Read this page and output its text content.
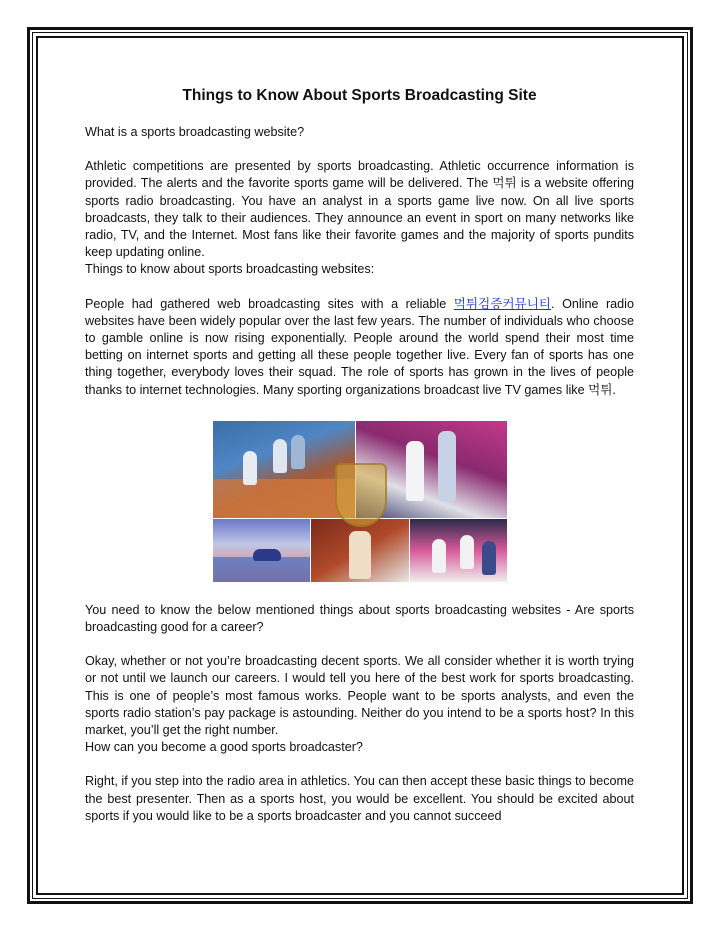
Things to Know About Sports Broadcasting Site

What is a sports broadcasting website?

Athletic competitions are presented by sports broadcasting. Athletic occurrence information is provided. The alerts and the favorite sports game will be delivered. The 먹튀 is a website offering sports radio broadcasting. You have an analyst in a sports game live now. On all live sports broadcasts, they talk to their audiences. They announce an event in sport on many networks like radio, TV, and the Internet. Most fans like their favorite games and the majority of sports pundits keep updating online.

Things to know about sports broadcasting websites:

People had gathered web broadcasting sites with a reliable 먹튀검증커뮤니티. Online radio websites have been widely popular over the last few years. The number of individuals who choose to gamble online is now rising exponentially. People around the world spend their most time betting on internet sports and getting all these people together live. Every fan of sports has one thing together, everybody loves their squad. The role of sports has grown in the lives of people thanks to internet technologies. Many sporting organizations broadcast live TV games like 먹튀.

You need to know the below mentioned things about sports broadcasting websites - Are sports broadcasting good for a career?

Okay, whether or not you’re broadcasting decent sports. We all consider whether it is worth trying or not until we launch our careers. I would tell you here of the best work for sports broadcasting. This is one of people’s most famous works. People want to be sports analysts, and even the sports radio station’s pay package is astounding. Neither do you intend to be a sports host? In this market, you’ll get the right number.

How can you become a good sports broadcaster?

Right, if you step into the radio area in athletics. You can then accept these basic things to become the best presenter. Then as a sports host, you would be excellent. You should be excited about sports if you would like to be a sports broadcaster and you cannot succeed
